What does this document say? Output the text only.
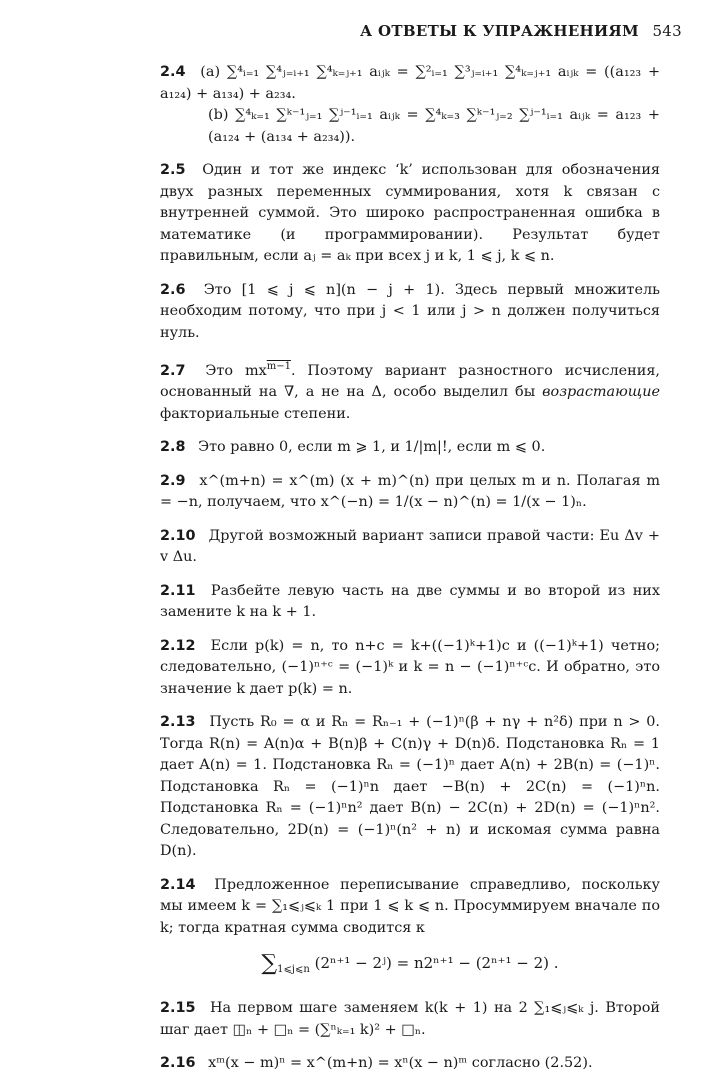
А ОТВЕТЫ К УПРАЖНЕНИЯМ 543
2.4 (a) ∑⁴ᵢ₌₁ ∑⁴ⱼ₌ᵢ₊₁ ∑⁴ₖ₌ⱼ₊₁ aᵢⱼₖ = ∑²ᵢ₌₁ ∑³ⱼ₌ᵢ₊₁ ∑⁴ₖ₌ⱼ₊₁ aᵢⱼₖ = ((a₁₂₃ + a₁₂₄) + a₁₃₄) + a₂₃₄.
(b) ∑⁴ₖ₌₁ ∑ᵏ⁻¹ⱼ₌₁ ∑ʲ⁻¹ᵢ₌₁ aᵢⱼₖ = ∑⁴ₖ₌₃ ∑ᵏ⁻¹ⱼ₌₂ ∑ʲ⁻¹ᵢ₌₁ aᵢⱼₖ = a₁₂₃ + (a₁₂₄ + (a₁₃₄ + a₂₃₄)).
2.5 Один и тот же индекс ‘k’ использован для обозначения двух разных переменных суммирования, хотя k связан с внутренней суммой. Это широко распространенная ошибка в математике (и программировании). Результат будет правильным, если aⱼ = aₖ при всех j и k, 1 ⩽ j, k ⩽ n.
2.6 Это [1 ⩽ j ⩽ n](n − j + 1). Здесь первый множитель необходим потому, что при j < 1 или j > n должен получиться нуль.
2.7 Это $mx^{m-1}$. Поэтому вариант разностного исчисления, основанный на ∇, а не на Δ, особо выделил бы возрастающие факториальные степени.
2.8 Это равно 0, если m ⩾ 1, и 1/|m|!, если m ⩽ 0.
2.9 x^(m+n) = x^(m) (x + m)^(n) при целых m и n. Полагая m = −n, получаем, что x^(−n) = 1/(x − n)^(n) = 1/(x − 1)ₙ.
2.10 Другой возможный вариант записи правой части: Eu Δv + v Δu.
2.11 Разбейте левую часть на две суммы и во второй из них замените k на k + 1.
2.12 Если p(k) = n, то n+c = k+((−1)ᵏ+1)c и ((−1)ᵏ+1) четно; следовательно, (−1)ⁿ⁺ᶜ = (−1)ᵏ и k = n − (−1)ⁿ⁺ᶜc. И обратно, это значение k дает p(k) = n.
2.13 Пусть R₀ = α и Rₙ = Rₙ₋₁ + (−1)ⁿ(β + nγ + n²δ) при n > 0. Тогда R(n) = A(n)α + B(n)β + C(n)γ + D(n)δ. Подстановка Rₙ = 1 дает A(n) = 1. Подстановка Rₙ = (−1)ⁿ дает A(n) + 2B(n) = (−1)ⁿ. Подстановка Rₙ = (−1)ⁿn дает −B(n) + 2C(n) = (−1)ⁿn. Подстановка Rₙ = (−1)ⁿn² дает B(n) − 2C(n) + 2D(n) = (−1)ⁿn². Следовательно, 2D(n) = (−1)ⁿ(n² + n) и искомая сумма равна D(n).
2.14 Предложенное переписывание справедливо, поскольку мы имеем k = ∑₁⩽ⱼ⩽ₖ 1 при 1 ⩽ k ⩽ n. Просуммируем вначале по k; тогда кратная сумма сводится к
$\sum_{1⩽j⩽n}$ (2ⁿ⁺¹ − 2ʲ) = n2ⁿ⁺¹ − (2ⁿ⁺¹ − 2) .
2.15 На первом шаге заменяем k(k + 1) на 2 ∑₁⩽ⱼ⩽ₖ j. Второй шаг дает ◫ₙ + □ₙ = (∑ⁿₖ₌₁ k)² + □ₙ.
2.16 xᵐ(x − m)ⁿ = x^(m+n) = xⁿ(x − n)ᵐ согласно (2.52).
